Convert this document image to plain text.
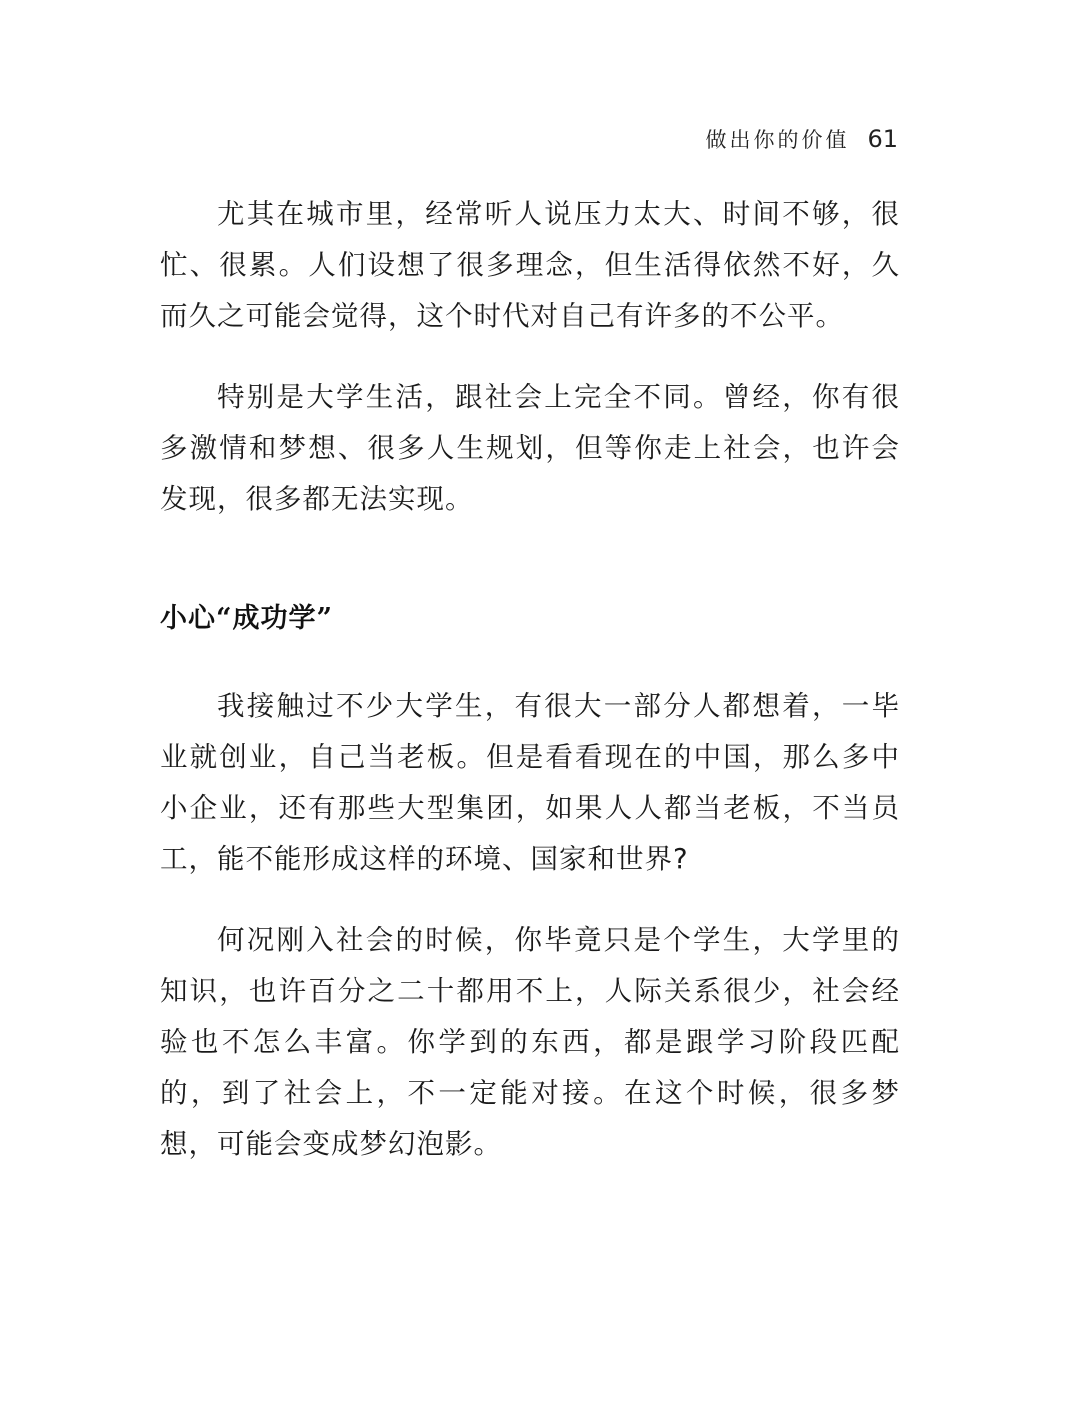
做出你的价值 61

尤其在城市里，经常听人说压力太大、时间不够，很忙、很累。人们设想了很多理念，但生活得依然不好，久而久之可能会觉得，这个时代对自己有许多的不公平。

特别是大学生活，跟社会上完全不同。曾经，你有很多激情和梦想、很多人生规划，但等你走上社会，也许会发现，很多都无法实现。

小心“成功学”

我接触过不少大学生，有很大一部分人都想着，一毕业就创业，自己当老板。但是看看现在的中国，那么多中小企业，还有那些大型集团，如果人人都当老板，不当员工，能不能形成这样的环境、国家和世界?

何况刚入社会的时候，你毕竟只是个学生，大学里的知识，也许百分之二十都用不上，人际关系很少，社会经验也不怎么丰富。你学到的东西，都是跟学习阶段匹配的，到了社会上，不一定能对接。在这个时候，很多梦想，可能会变成梦幻泡影。
